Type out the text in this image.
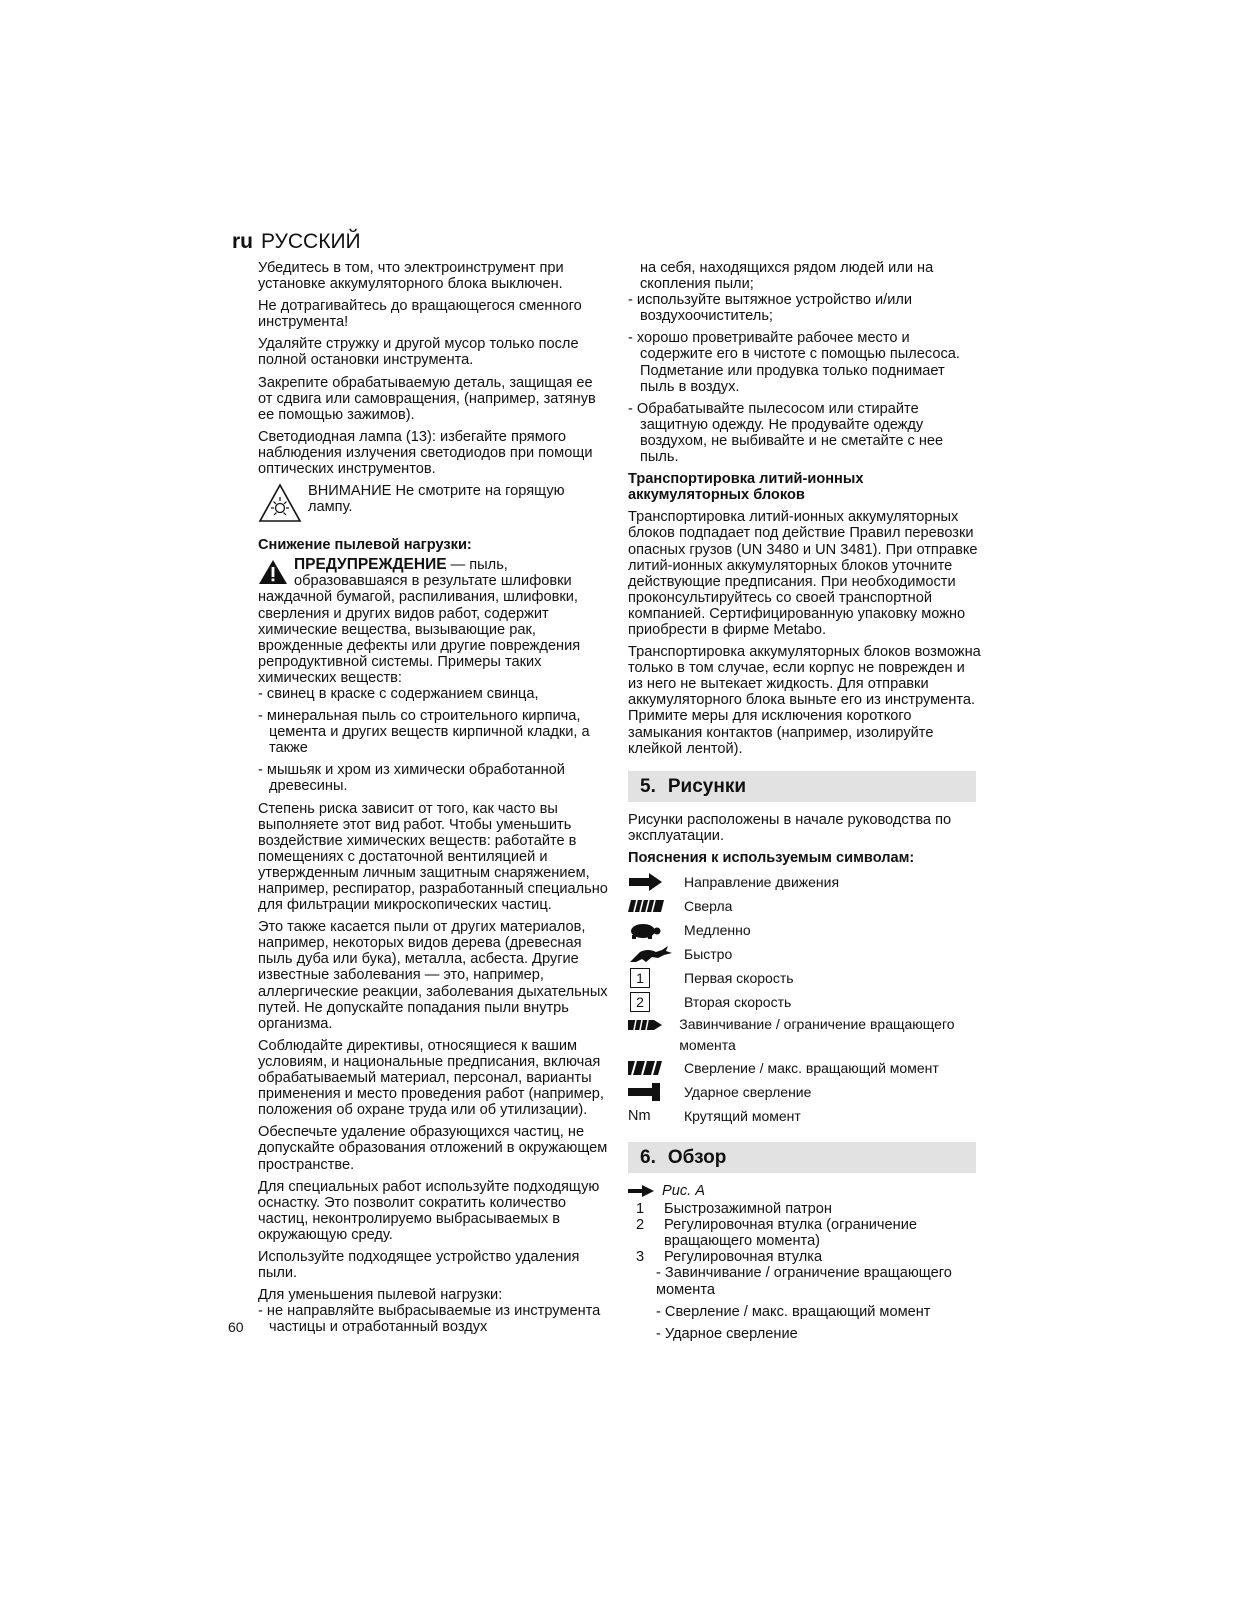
ru РУССКИЙ

Убедитесь в том, что электроинструмент при установке аккумуляторного блока выключен.

Не дотрагивайтесь до вращающегося сменного инструмента!

Удаляйте стружку и другой мусор только после полной остановки инструмента.

Закрепите обрабатываемую деталь, защищая ее от сдвига или самовращения, (например, затянув ее помощью зажимов).

Светодиодная лампа (13): избегайте прямого наблюдения излучения светодиодов при помощи оптических инструментов.

ВНИМАНИЕ Не смотрите на горящую лампу.

Снижение пылевой нагрузки:

ПРЕДУПРЕЖДЕНИЕ — пыль, образовавшаяся в результате шлифовки наждачной бумагой, распиливания, шлифовки, сверления и других видов работ, содержит химические вещества, вызывающие рак, врожденные дефекты или другие повреждения репродуктивной системы. Примеры таких химических веществ:

- свинец в краске с содержанием свинца,

- минеральная пыль со строительного кирпича, цемента и других веществ кирпичной кладки, а также

- мышьяк и хром из химически обработанной древесины.

Степень риска зависит от того, как часто вы выполняете этот вид работ. Чтобы уменьшить воздействие химических веществ: работайте в помещениях с достаточной вентиляцией и утвержденным личным защитным снаряжением, например, респиратор, разработанный специально для фильтрации микроскопических частиц.

Это также касается пыли от других материалов, например, некоторых видов дерева (древесная пыль дуба или бука), металла, асбеста. Другие известные заболевания — это, например, аллергические реакции, заболевания дыхательных путей. Не допускайте попадания пыли внутрь организма.

Соблюдайте директивы, относящиеся к вашим условиям, и национальные предписания, включая обрабатываемый материал, персонал, варианты применения и место проведения работ (например, положения об охране труда или об утилизации).

Обеспечьте удаление образующихся частиц, не допускайте образования отложений в окружающем пространстве.

Для специальных работ используйте подходящую оснастку. Это позволит сократить количество частиц, неконтролируемо выбрасываемых в окружающую среду.

Используйте подходящее устройство удаления пыли.

Для уменьшения пылевой нагрузки:

- не направляйте выбрасываемые из инструмента частицы и отработанный воздух

на себя, находящихся рядом людей или на скопления пыли;

- используйте вытяжное устройство и/или воздухоочиститель;

- хорошо проветривайте рабочее место и содержите его в чистоте с помощью пылесоса. Подметание или продувка только поднимает пыль в воздух.

- Обрабатывайте пылесосом или стирайте защитную одежду. Не продувайте одежду воздухом, не выбивайте и не сметайте с нее пыль.

Транспортировка литий-ионных аккумуляторных блоков

Транспортировка литий-ионных аккумуляторных блоков подпадает под действие Правил перевозки опасных грузов (UN 3480 и UN 3481). При отправке литий-ионных аккумуляторных блоков уточните действующие предписания. При необходимости проконсультируйтесь со своей транспортной компанией. Сертифицированную упаковку можно приобрести в фирме Metabo.

Транспортировка аккумуляторных блоков возможна только в том случае, если корпус не поврежден и из него не вытекает жидкость. Для отправки аккумуляторного блока выньте его из инструмента. Примите меры для исключения короткого замыкания контактов (например, изолируйте клейкой лентой).

5. Рисунки

Рисунки расположены в начале руководства по эксплуатации.

Пояснения к используемым символам:

Направление движения
Сверла
Медленно
Быстро
1	Первая скорость
2	Вторая скорость
Завинчивание / ограничение вращающего момента
Сверление / макс. вращающий момент
Ударное сверление
Nm	Крутящий момент
6. Обзор
Рис. A
1	Быстрозажимной патрон
2	Регулировочная втулка (ограничение вращающего момента)
3	Регулировочная втулка

- Завинчивание / ограничение вращающего момента

- Сверление / макс. вращающий момент

- Ударное сверление

60
